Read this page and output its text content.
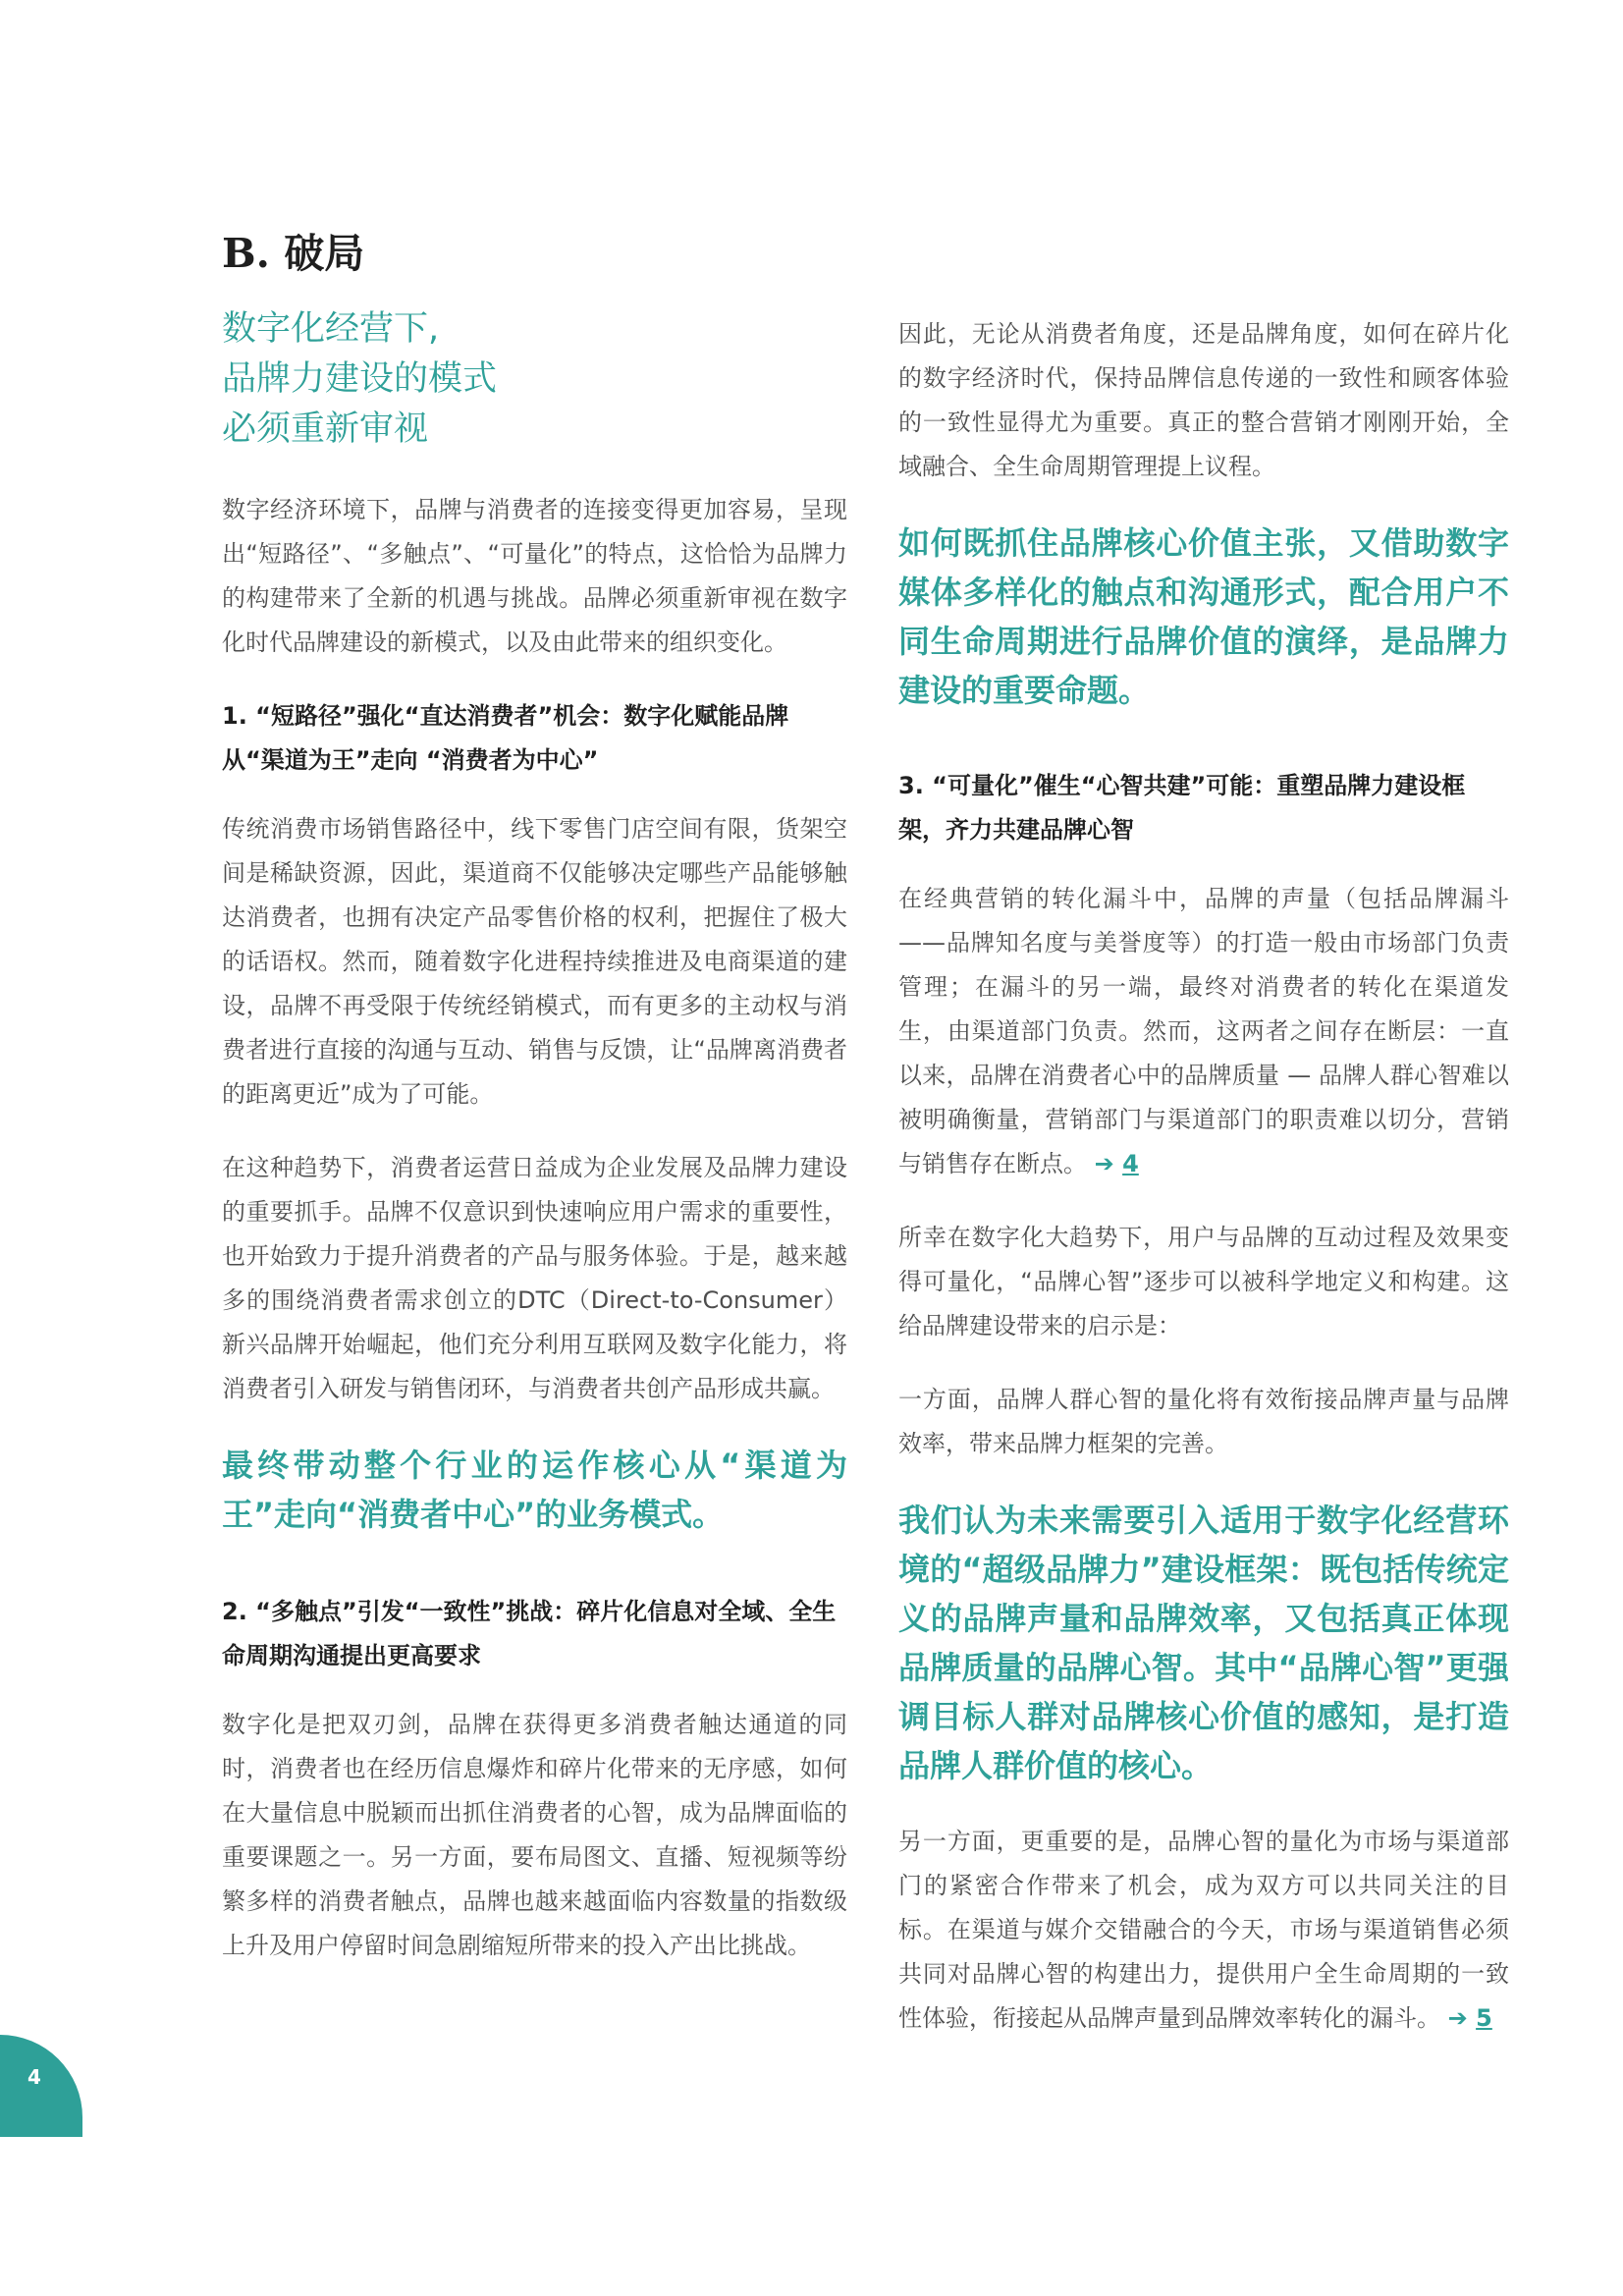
B. 破局
数字化经营下,
品牌力建设的模式
必须重新审视

数字经济环境下，品牌与消费者的连接变得更加容易，呈现出“短路径”、“多触点”、“可量化”的特点，这恰恰为品牌力的构建带来了全新的机遇与挑战。品牌必须重新审视在数字化时代品牌建设的新模式，以及由此带来的组织变化。

1. “短路径”强化“直达消费者”机会：数字化赋能品牌从“渠道为王”走向 “消费者为中心”

传统消费市场销售路径中，线下零售门店空间有限，货架空间是稀缺资源，因此，渠道商不仅能够决定哪些产品能够触达消费者，也拥有决定产品零售价格的权利，把握住了极大的话语权。然而，随着数字化进程持续推进及电商渠道的建设，品牌不再受限于传统经销模式，而有更多的主动权与消费者进行直接的沟通与互动、销售与反馈，让“品牌离消费者的距离更近”成为了可能。

在这种趋势下，消费者运营日益成为企业发展及品牌力建设的重要抓手。品牌不仅意识到快速响应用户需求的重要性，也开始致力于提升消费者的产品与服务体验。于是，越来越多的围绕消费者需求创立的DTC（Direct-to-Consumer）新兴品牌开始崛起，他们充分利用互联网及数字化能力，将消费者引入研发与销售闭环，与消费者共创产品形成共赢。

最终带动整个行业的运作核心从“渠道为王”走向“消费者中心”的业务模式。

2. “多触点”引发“一致性”挑战：碎片化信息对全域、全生命周期沟通提出更高要求

数字化是把双刃剑，品牌在获得更多消费者触达通道的同时，消费者也在经历信息爆炸和碎片化带来的无序感，如何在大量信息中脱颖而出抓住消费者的心智，成为品牌面临的重要课题之一。另一方面，要布局图文、直播、短视频等纷繁多样的消费者触点，品牌也越来越面临内容数量的指数级上升及用户停留时间急剧缩短所带来的投入产出比挑战。

因此，无论从消费者角度，还是品牌角度，如何在碎片化的数字经济时代，保持品牌信息传递的一致性和顾客体验的一致性显得尤为重要。真正的整合营销才刚刚开始，全域融合、全生命周期管理提上议程。

如何既抓住品牌核心价值主张，又借助数字媒体多样化的触点和沟通形式，配合用户不同生命周期进行品牌价值的演绎，是品牌力建设的重要命题。

3. “可量化”催生“心智共建”可能：重塑品牌力建设框架，齐力共建品牌心智

在经典营销的转化漏斗中，品牌的声量（包括品牌漏斗——品牌知名度与美誉度等）的打造一般由市场部门负责管理；在漏斗的另一端，最终对消费者的转化在渠道发生，由渠道部门负责。然而，这两者之间存在断层：一直以来，品牌在消费者心中的品牌质量 — 品牌人群心智难以被明确衡量，营销部门与渠道部门的职责难以切分，营销与销售存在断点。 ➔ 4

所幸在数字化大趋势下，用户与品牌的互动过程及效果变得可量化，“品牌心智”逐步可以被科学地定义和构建。这给品牌建设带来的启示是：

一方面，品牌人群心智的量化将有效衔接品牌声量与品牌效率，带来品牌力框架的完善。

我们认为未来需要引入适用于数字化经营环境的“超级品牌力”建设框架：既包括传统定义的品牌声量和品牌效率，又包括真正体现品牌质量的品牌心智。其中“品牌心智”更强调目标人群对品牌核心价值的感知，是打造品牌人群价值的核心。

另一方面，更重要的是，品牌心智的量化为市场与渠道部门的紧密合作带来了机会，成为双方可以共同关注的目标。在渠道与媒介交错融合的今天，市场与渠道销售必须共同对品牌心智的构建出力，提供用户全生命周期的一致性体验，衔接起从品牌声量到品牌效率转化的漏斗。 ➔ 5

4
